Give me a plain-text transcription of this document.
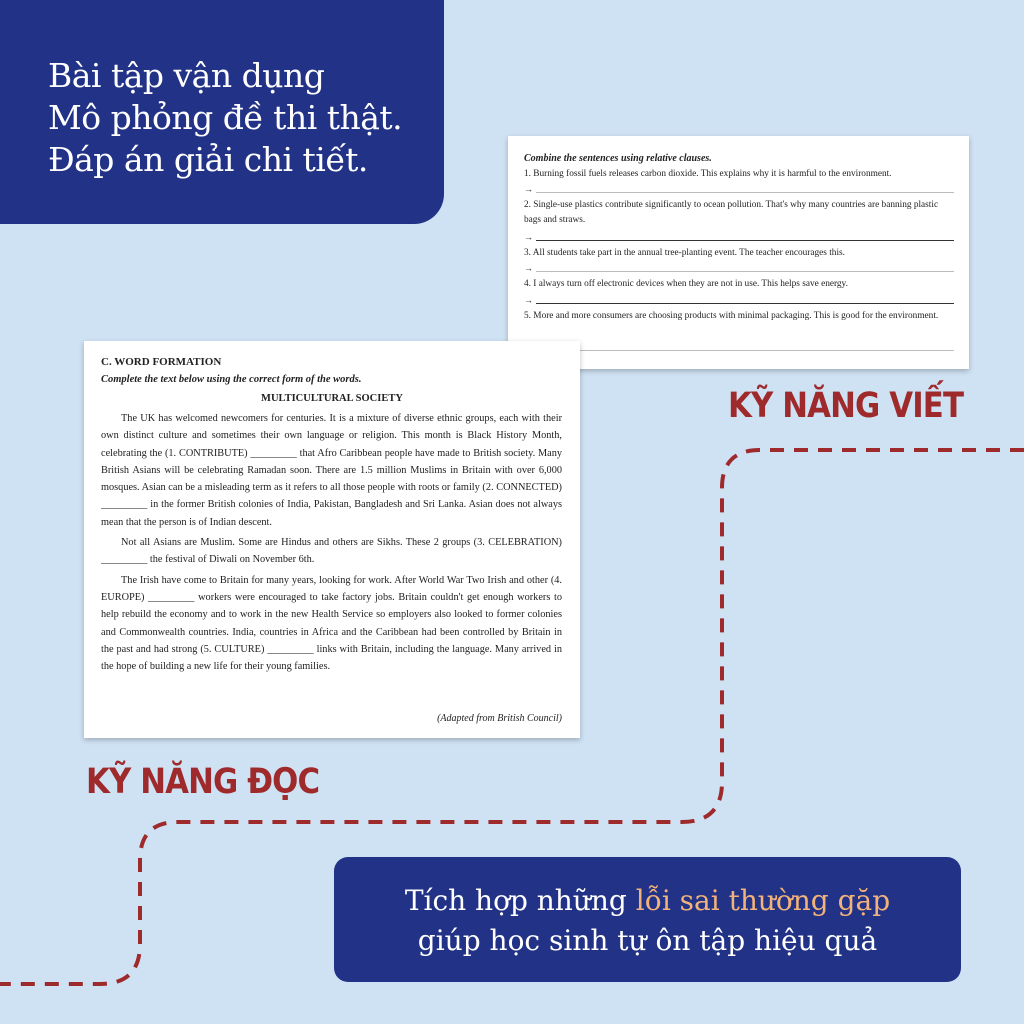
Bài tập vận dụng
Mô phỏng đề thi thật.
Đáp án giải chi tiết.	Combine the sentences using relative clauses.
1. Burning fossil fuels releases carbon dioxide. This explains why it is harmful to the environment.
→
2. Single-use plastics contribute significantly to ocean pollution. That's why many countries are banning plastic bags and straws.
→
3. All students take part in the annual tree-planting event. The teacher encourages this.
→
4. I always turn off electronic devices when they are not in use. This helps save energy.
→
5. More and more consumers are choosing products with minimal packaging. This is good for the environment.
KỸ NĂNG VIẾT
C. WORD FORMATION
Complete the text below using the correct form of the words.
MULTICULTURAL SOCIETY

The UK has welcomed newcomers for centuries. It is a mixture of diverse ethnic groups, each with their own distinct culture and sometimes their own language or religion. This month is Black History Month, celebrating the (1. CONTRIBUTE) _________ that Afro Caribbean people have made to British society. Many British Asians will be celebrating Ramadan soon. There are 1.5 million Muslims in Britain with over 6,000 mosques. Asian can be a misleading term as it refers to all those people with roots or family (2. CONNECTED) _________ in the former British colonies of India, Pakistan, Bangladesh and Sri Lanka. Asian does not always mean that the person is of Indian descent.

Not all Asians are Muslim. Some are Hindus and others are Sikhs. These 2 groups (3. CELEBRATION) _________ the festival of Diwali on November 6th.

The Irish have come to Britain for many years, looking for work. After World War Two Irish and other (4. EUROPE) _________ workers were encouraged to take factory jobs. Britain couldn't get enough workers to help rebuild the economy and to work in the new Health Service so employers also looked to former colonies and Commonwealth countries. India, countries in Africa and the Caribbean had been controlled by Britain in the past and had strong (5. CULTURE) _________ links with Britain, including the language. Many arrived in the hope of building a new life for their young families.

(Adapted from British Council)
KỸ NĂNG ĐỌC
Tích hợp những lỗi sai thường gặp
giúp học sinh tự ôn tập hiệu quả
